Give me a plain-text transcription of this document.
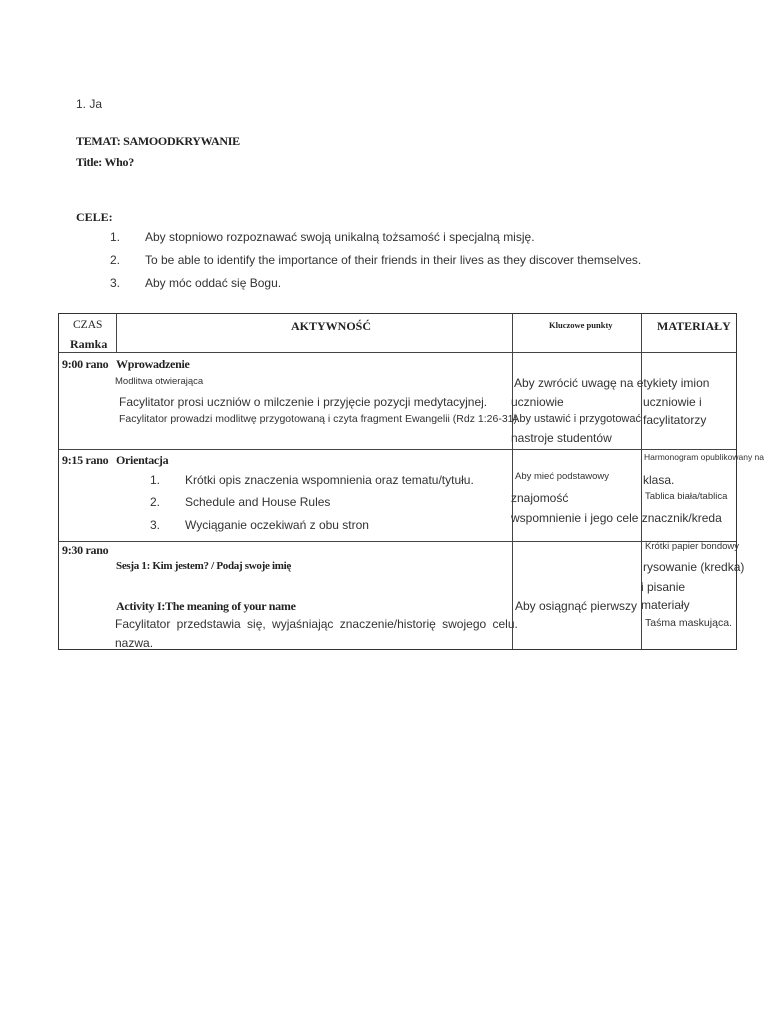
1. Ja
TEMAT: SAMOODKRYWANIE
Title: Who?
CELE:
1. Aby stopniowo rozpoznawać swoją unikalną tożsamość i specjalną misję.
2. To be able to identify the importance of their friends in their lives as they discover themselves.
3. Aby móc oddać się Bogu.
CZAS
Ramka
AKTYWNOŚĆ	Kluczowe punkty	MATERIAŁY
9:00 rano Wprowadzenie
Modlitwa otwierająca
Facylitator prosi uczniów o milczenie i przyjęcie pozycji medytacyjnej.
Facylitator prowadzi modlitwę przygotowaną i czyta fragment Ewangelii (Rdz 1:26-31).
Aby zwrócić uwagę na etykiety imion
uczniowie
Aby ustawić i przygotować
nastroje studentów
uczniowie i
facylitatorzy
9:15 rano Orientacja
1. Krótki opis znaczenia wspomnienia oraz tematu/tytułu.
2. Schedule and House Rules
3. Wyciąganie oczekiwań z obu stron
Aby mieć podstawowy
znajomość
wspomnienie i jego cele znacznik/kreda
Harmonogram opublikowany na
klasa.
Tablica biała/tablica
9:30 rano
Sesja 1: Kim jestem? / Podaj swoje imię
Activity I:The meaning of your name
Facylitator przedstawia się, wyjaśniając znaczenie/historię swojego celu.
nazwa.
Aby osiągnąć pierwszy
Krótki papier bondowy
rysowanie (kredka)
i pisanie
materiały
Taśma maskująca.
